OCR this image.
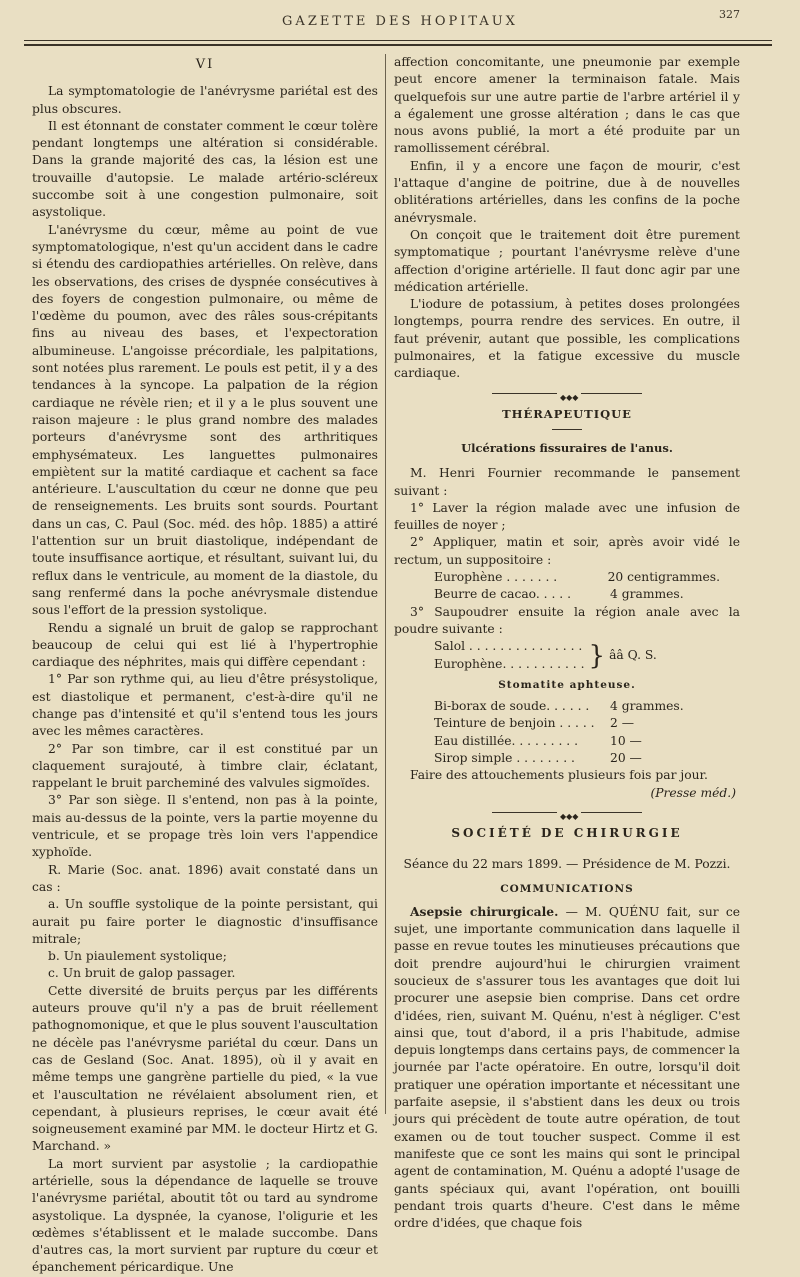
GAZETTE DES HOPITAUX	327
VI

La symptomatologie de l'anévrysme pariétal est des plus obscures.

Il est étonnant de constater comment le cœur tolère pendant longtemps une altération si considérable. Dans la grande majorité des cas, la lésion est une trouvaille d'autopsie. Le malade artério-scléreux succombe soit à une congestion pulmonaire, soit asystolique.

L'anévrysme du cœur, même au point de vue symptomatologique, n'est qu'un accident dans le cadre si étendu des cardiopathies artérielles. On relève, dans les observations, des crises de dyspnée consécutives à des foyers de congestion pulmonaire, ou même de l'œdème du poumon, avec des râles sous-crépitants fins au niveau des bases, et l'expectoration albumineuse. L'angoisse précordiale, les palpitations, sont notées plus rarement. Le pouls est petit, il y a des tendances à la syncope. La palpation de la région cardiaque ne révèle rien; et il y a le plus souvent une raison majeure : le plus grand nombre des malades porteurs d'anévrysme sont des arthritiques emphysémateux. Les languettes pulmonaires empiètent sur la matité cardiaque et cachent sa face antérieure. L'auscultation du cœur ne donne que peu de renseignements. Les bruits sont sourds. Pourtant dans un cas, C. Paul (Soc. méd. des hôp. 1885) a attiré l'attention sur un bruit diastolique, indépendant de toute insuffisance aortique, et résultant, suivant lui, du reflux dans le ventricule, au moment de la diastole, du sang renfermé dans la poche anévrysmale distendue sous l'effort de la pression systolique.

Rendu a signalé un bruit de galop se rapprochant beaucoup de celui qui est lié à l'hypertrophie cardiaque des néphrites, mais qui diffère cependant :

1° Par son rythme qui, au lieu d'être présystolique, est diastolique et permanent, c'est-à-dire qu'il ne change pas d'intensité et qu'il s'entend tous les jours avec les mêmes caractères.

2° Par son timbre, car il est constitué par un claquement surajouté, à timbre clair, éclatant, rappelant le bruit parcheminé des valvules sigmoïdes.

3° Par son siège. Il s'entend, non pas à la pointe, mais au-dessus de la pointe, vers la partie moyenne du ventricule, et se propage très loin vers l'appendice xyphoïde.

R. Marie (Soc. anat. 1896) avait constaté dans un cas :

a. Un souffle systolique de la pointe persistant, qui aurait pu faire porter le diagnostic d'insuffisance mitrale;

b. Un piaulement systolique;

c. Un bruit de galop passager.

Cette diversité de bruits perçus par les différents auteurs prouve qu'il n'y a pas de bruit réellement pathognomonique, et que le plus souvent l'auscultation ne décèle pas l'anévrysme pariétal du cœur. Dans un cas de Gesland (Soc. Anat. 1895), où il y avait en même temps une gangrène partielle du pied, « la vue et l'auscultation ne révélaient absolument rien, et cependant, à plusieurs reprises, le cœur avait été soigneusement examiné par MM. le docteur Hirtz et G. Marchand. »

La mort survient par asystolie ; la cardiopathie artérielle, sous la dépendance de laquelle se trouve l'anévrysme pariétal, aboutit tôt ou tard au syndrome asystolique. La dyspnée, la cyanose, l'oligurie et les œdèmes s'établissent et le malade succombe. Dans d'autres cas, la mort survient par rupture du cœur et épanchement péricardique. Une

affection concomitante, une pneumonie par exemple peut encore amener la terminaison fatale. Mais quelquefois sur une autre partie de l'arbre artériel il y a également une grosse altération ; dans le cas que nous avons publié, la mort a été produite par un ramollissement cérébral.

Enfin, il y a encore une façon de mourir, c'est l'attaque d'angine de poitrine, due à de nouvelles oblitérations artérielles, dans les confins de la poche anévrysmale.

On conçoit que le traitement doit être purement symptomatique ; pourtant l'anévrysme relève d'une affection d'origine artérielle. Il faut donc agir par une médication artérielle.

L'iodure de potassium, à petites doses prolongées longtemps, pourra rendre des services. En outre, il faut prévenir, autant que possible, les complications pulmonaires, et la fatigue excessive du muscle cardiaque.

◆◆◆
THÉRAPEUTIQUE
Ulcérations fissuraires de l'anus.

M. Henri Fournier recommande le pansement suivant :

1° Laver la région malade avec une infusion de feuilles de noyer ;

2° Appliquer, matin et soir, après avoir vidé le rectum, un suppositoire :

Europhène . . . . . . .	20 centigrammes.
Beurre de cacao. . . . .	4 grammes.

3° Saupoudrer ensuite la région anale avec la poudre suivante :

Salol . . . . . . . . . . . . . . .
Europhène. . . . . . . . . . . } ââ Q. S.
Stomatite aphteuse.
Bi-borax de soude. . . . . . 4 grammes.
Teinture de benjoin . . . . . 2 —
Eau distillée. . . . . . . . .	10 —
Sirop simple . . . . . . . .	20 —

Faire des attouchements plusieurs fois par jour.

(Presse méd.)

◆◆◆
SOCIÉTÉ DE CHIRURGIE
Séance du 22 mars 1899. — Présidence de M. Pozzi.
COMMUNICATIONS

Asepsie chirurgicale. — M. QUÉNU fait, sur ce sujet, une importante communication dans laquelle il passe en revue toutes les minutieuses précautions que doit prendre aujourd'hui le chirurgien vraiment soucieux de s'assurer tous les avantages que doit lui procurer une asepsie bien comprise. Dans cet ordre d'idées, rien, suivant M. Quénu, n'est à négliger. C'est ainsi que, tout d'abord, il a pris l'habitude, admise depuis longtemps dans certains pays, de commencer la journée par l'acte opératoire. En outre, lorsqu'il doit pratiquer une opération importante et nécessitant une parfaite asepsie, il s'abstient dans les deux ou trois jours qui précèdent de toute autre opération, de tout examen ou de tout toucher suspect. Comme il est manifeste que ce sont les mains qui sont le principal agent de contamination, M. Quénu a adopté l'usage de gants spéciaux qui, avant l'opération, ont bouilli pendant trois quarts d'heure. C'est dans le même ordre d'idées, que chaque fois
